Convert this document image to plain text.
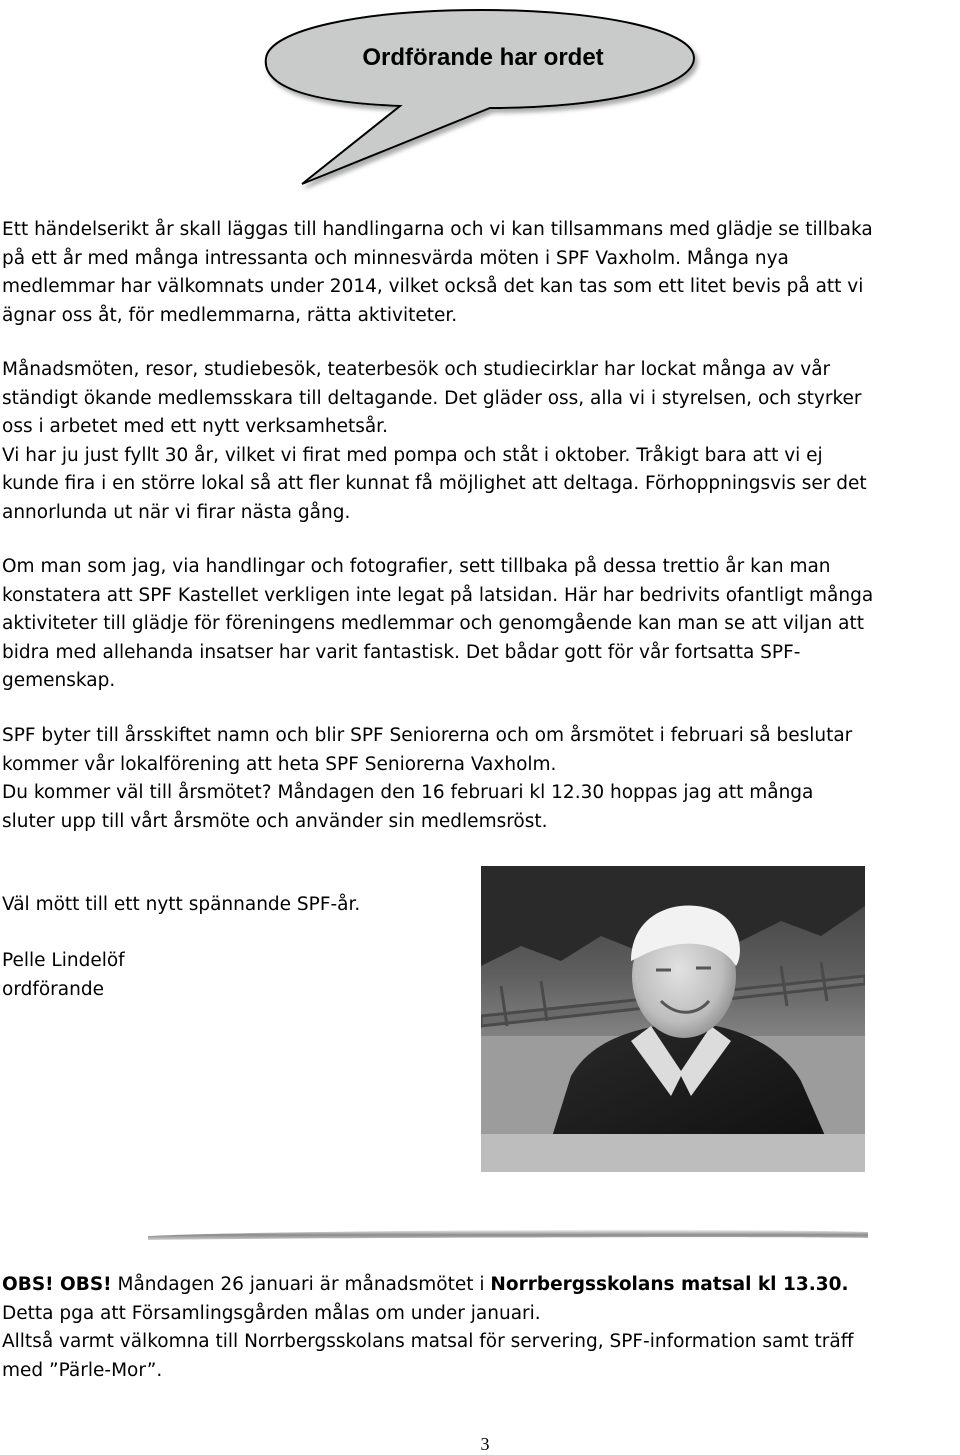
Ordförande har ordet
Ett händelserikt år skall läggas till handlingarna och vi kan tillsammans med glädje se tillbaka
på ett år med många intressanta och minnesvärda möten i SPF Vaxholm. Många nya
medlemmar har välkomnats under 2014, vilket också det kan tas som ett litet bevis på att vi
ägnar oss åt, för medlemmarna, rätta aktiviteter.
Månadsmöten, resor, studiebesök, teaterbesök och studiecirklar har lockat många av vår
ständigt ökande medlemsskara till deltagande. Det gläder oss, alla vi i styrelsen, och styrker
oss i arbetet med ett nytt verksamhetsår.
Vi har ju just fyllt 30 år, vilket vi firat med pompa och ståt i oktober. Tråkigt bara att vi ej
kunde fira i en större lokal så att fler kunnat få möjlighet att deltaga. Förhoppningsvis ser det
annorlunda ut när vi firar nästa gång.
Om man som jag, via handlingar och fotografier, sett tillbaka på dessa trettio år kan man
konstatera att SPF Kastellet verkligen inte legat på latsidan. Här har bedrivits ofantligt många
aktiviteter till glädje för föreningens medlemmar och genomgående kan man se att viljan att
bidra med allehanda insatser har varit fantastisk. Det bådar gott för vår fortsatta SPF-
gemenskap.
SPF byter till årsskiftet namn och blir SPF Seniorerna och om årsmötet i februari så beslutar
kommer vår lokalförening att heta SPF Seniorerna Vaxholm.
Du kommer väl till årsmötet? Måndagen den 16 februari kl 12.30 hoppas jag att många
sluter upp till vårt årsmöte och använder sin medlemsröst.
Väl mött till ett nytt spännande SPF-år.
Pelle Lindelöf
ordförande
OBS! OBS! Måndagen 26 januari är månadsmötet i Norrbergsskolans matsal kl 13.30.
Detta pga att Församlingsgården målas om under januari.
Alltså varmt välkomna till Norrbergsskolans matsal för servering, SPF-information samt träff
med ”Pärle-Mor”.
3
